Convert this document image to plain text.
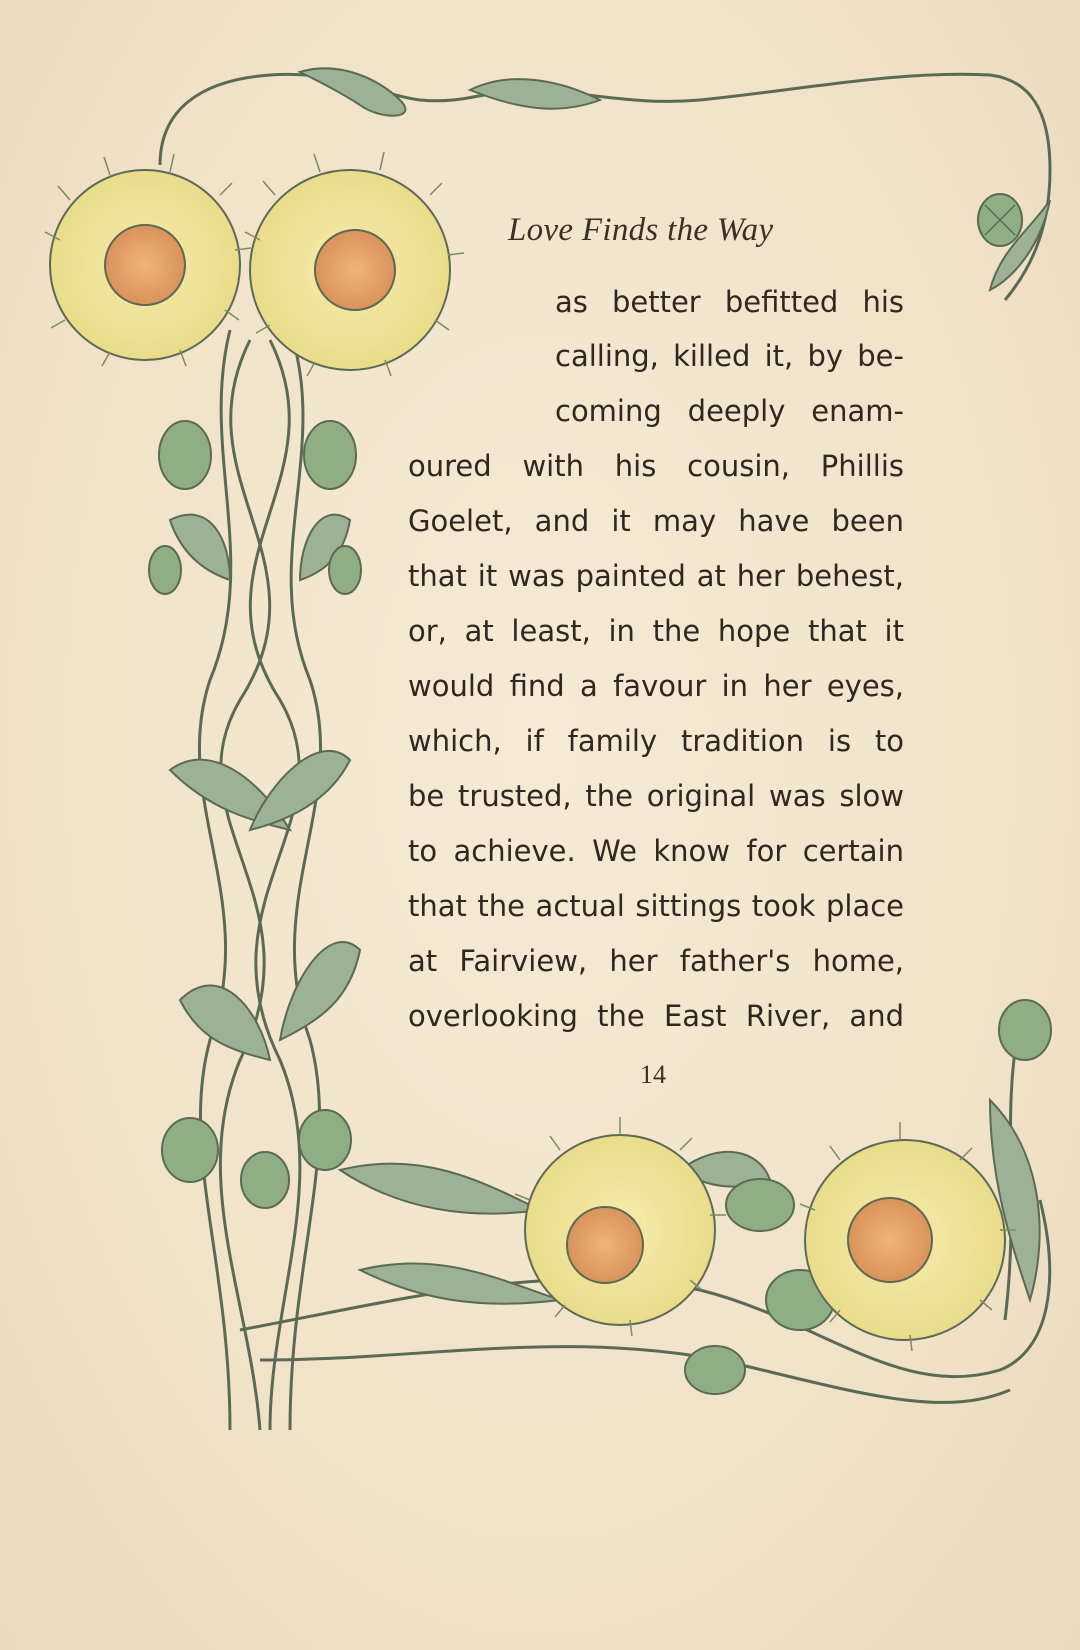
Love Finds the Way
as better befitted his
calling, killed it, by be-
coming deeply enam-
oured with his cousin, Phillis
Goelet, and it may have been
that it was painted at her behest,
or, at least, in the hope that it
would find a favour in her eyes,
which, if family tradition is to
be trusted, the original was slow
to achieve. We know for certain
that the actual sittings took place
at Fairview, her father's home,
overlooking the East River, and
14
